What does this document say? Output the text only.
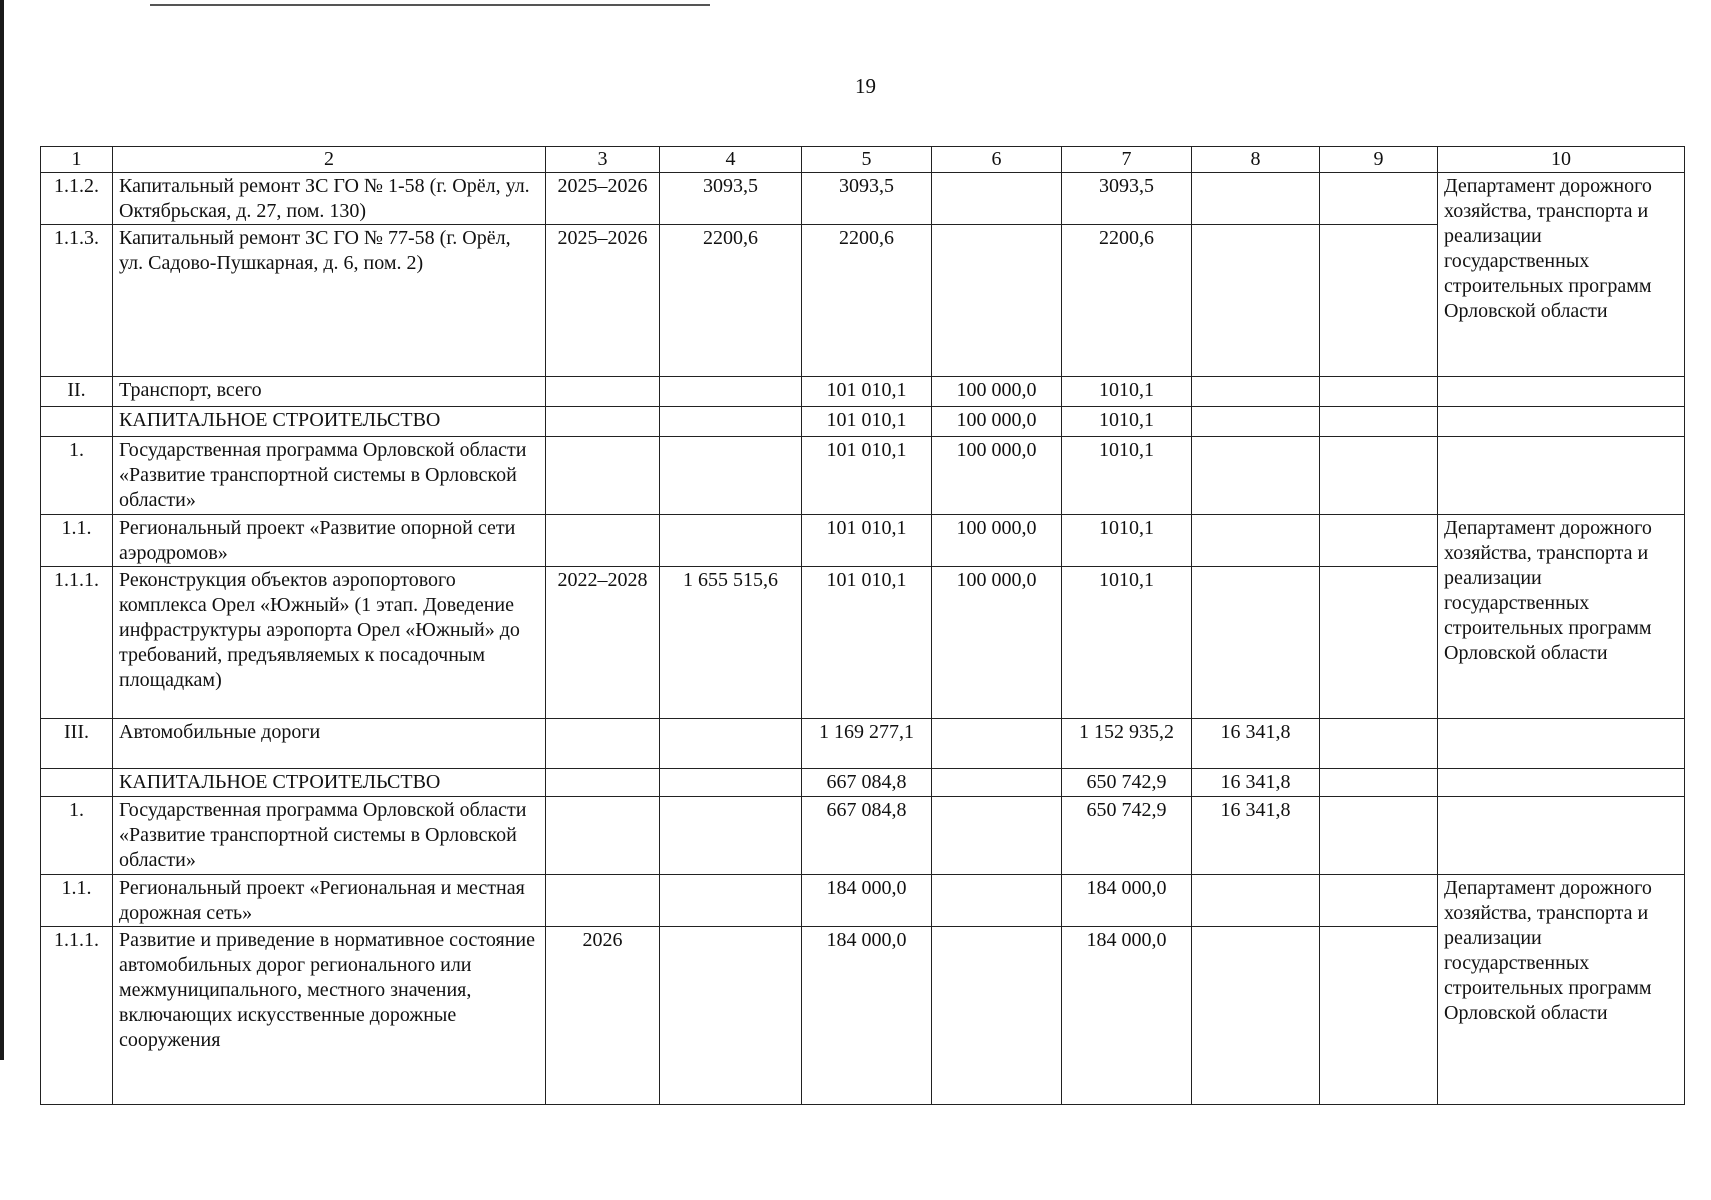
19
1	2	3	4	5	6	7	8	9	10
1.1.2.	Капитальный ремонт ЗС ГО № 1-58 (г. Орёл, ул. Октябрьская, д. 27, пом. 130)	2025–2026	3093,5	3093,5		3093,5			Департамент дорожного хозяйства, транспорта и реализации государственных строительных программ Орловской области
1.1.3.	Капитальный ремонт ЗС ГО № 77-58 (г. Орёл, ул. Садово-Пушкарная, д. 6, пом. 2)	2025–2026	2200,6	2200,6		2200,6			
II.	Транспорт, всего			101 010,1	100 000,0	1010,1			
	КАПИТАЛЬНОЕ СТРОИТЕЛЬСТВО			101 010,1	100 000,0	1010,1			
1.	Государственная программа Орловской области «Развитие транспортной системы в Орловской области»			101 010,1	100 000,0	1010,1			
1.1.	Региональный проект «Развитие опорной сети аэродромов»			101 010,1	100 000,0	1010,1			Департамент дорожного хозяйства, транспорта и реализации государственных строительных программ Орловской области
1.1.1.	Реконструкция объектов аэропортового комплекса Орел «Южный» (1 этап. Доведение инфраструктуры аэропорта Орел «Южный» до требований, предъявляемых к посадочным площадкам)	2022–2028	1 655 515,6	101 010,1	100 000,0	1010,1			
III.	Автомобильные дороги			1 169 277,1		1 152 935,2	16 341,8		
	КАПИТАЛЬНОЕ СТРОИТЕЛЬСТВО			667 084,8		650 742,9	16 341,8		
1.	Государственная программа Орловской области «Развитие транспортной системы в Орловской области»			667 084,8		650 742,9	16 341,8		
1.1.	Региональный проект «Региональная и местная дорожная сеть»			184 000,0		184 000,0			Департамент дорожного хозяйства, транспорта и реализации государственных строительных программ Орловской области
1.1.1.	Развитие и приведение в нормативное состояние автомобильных дорог регионального или межмуниципального, местного значения, включающих искусственные дорожные сооружения	2026		184 000,0		184 000,0			
